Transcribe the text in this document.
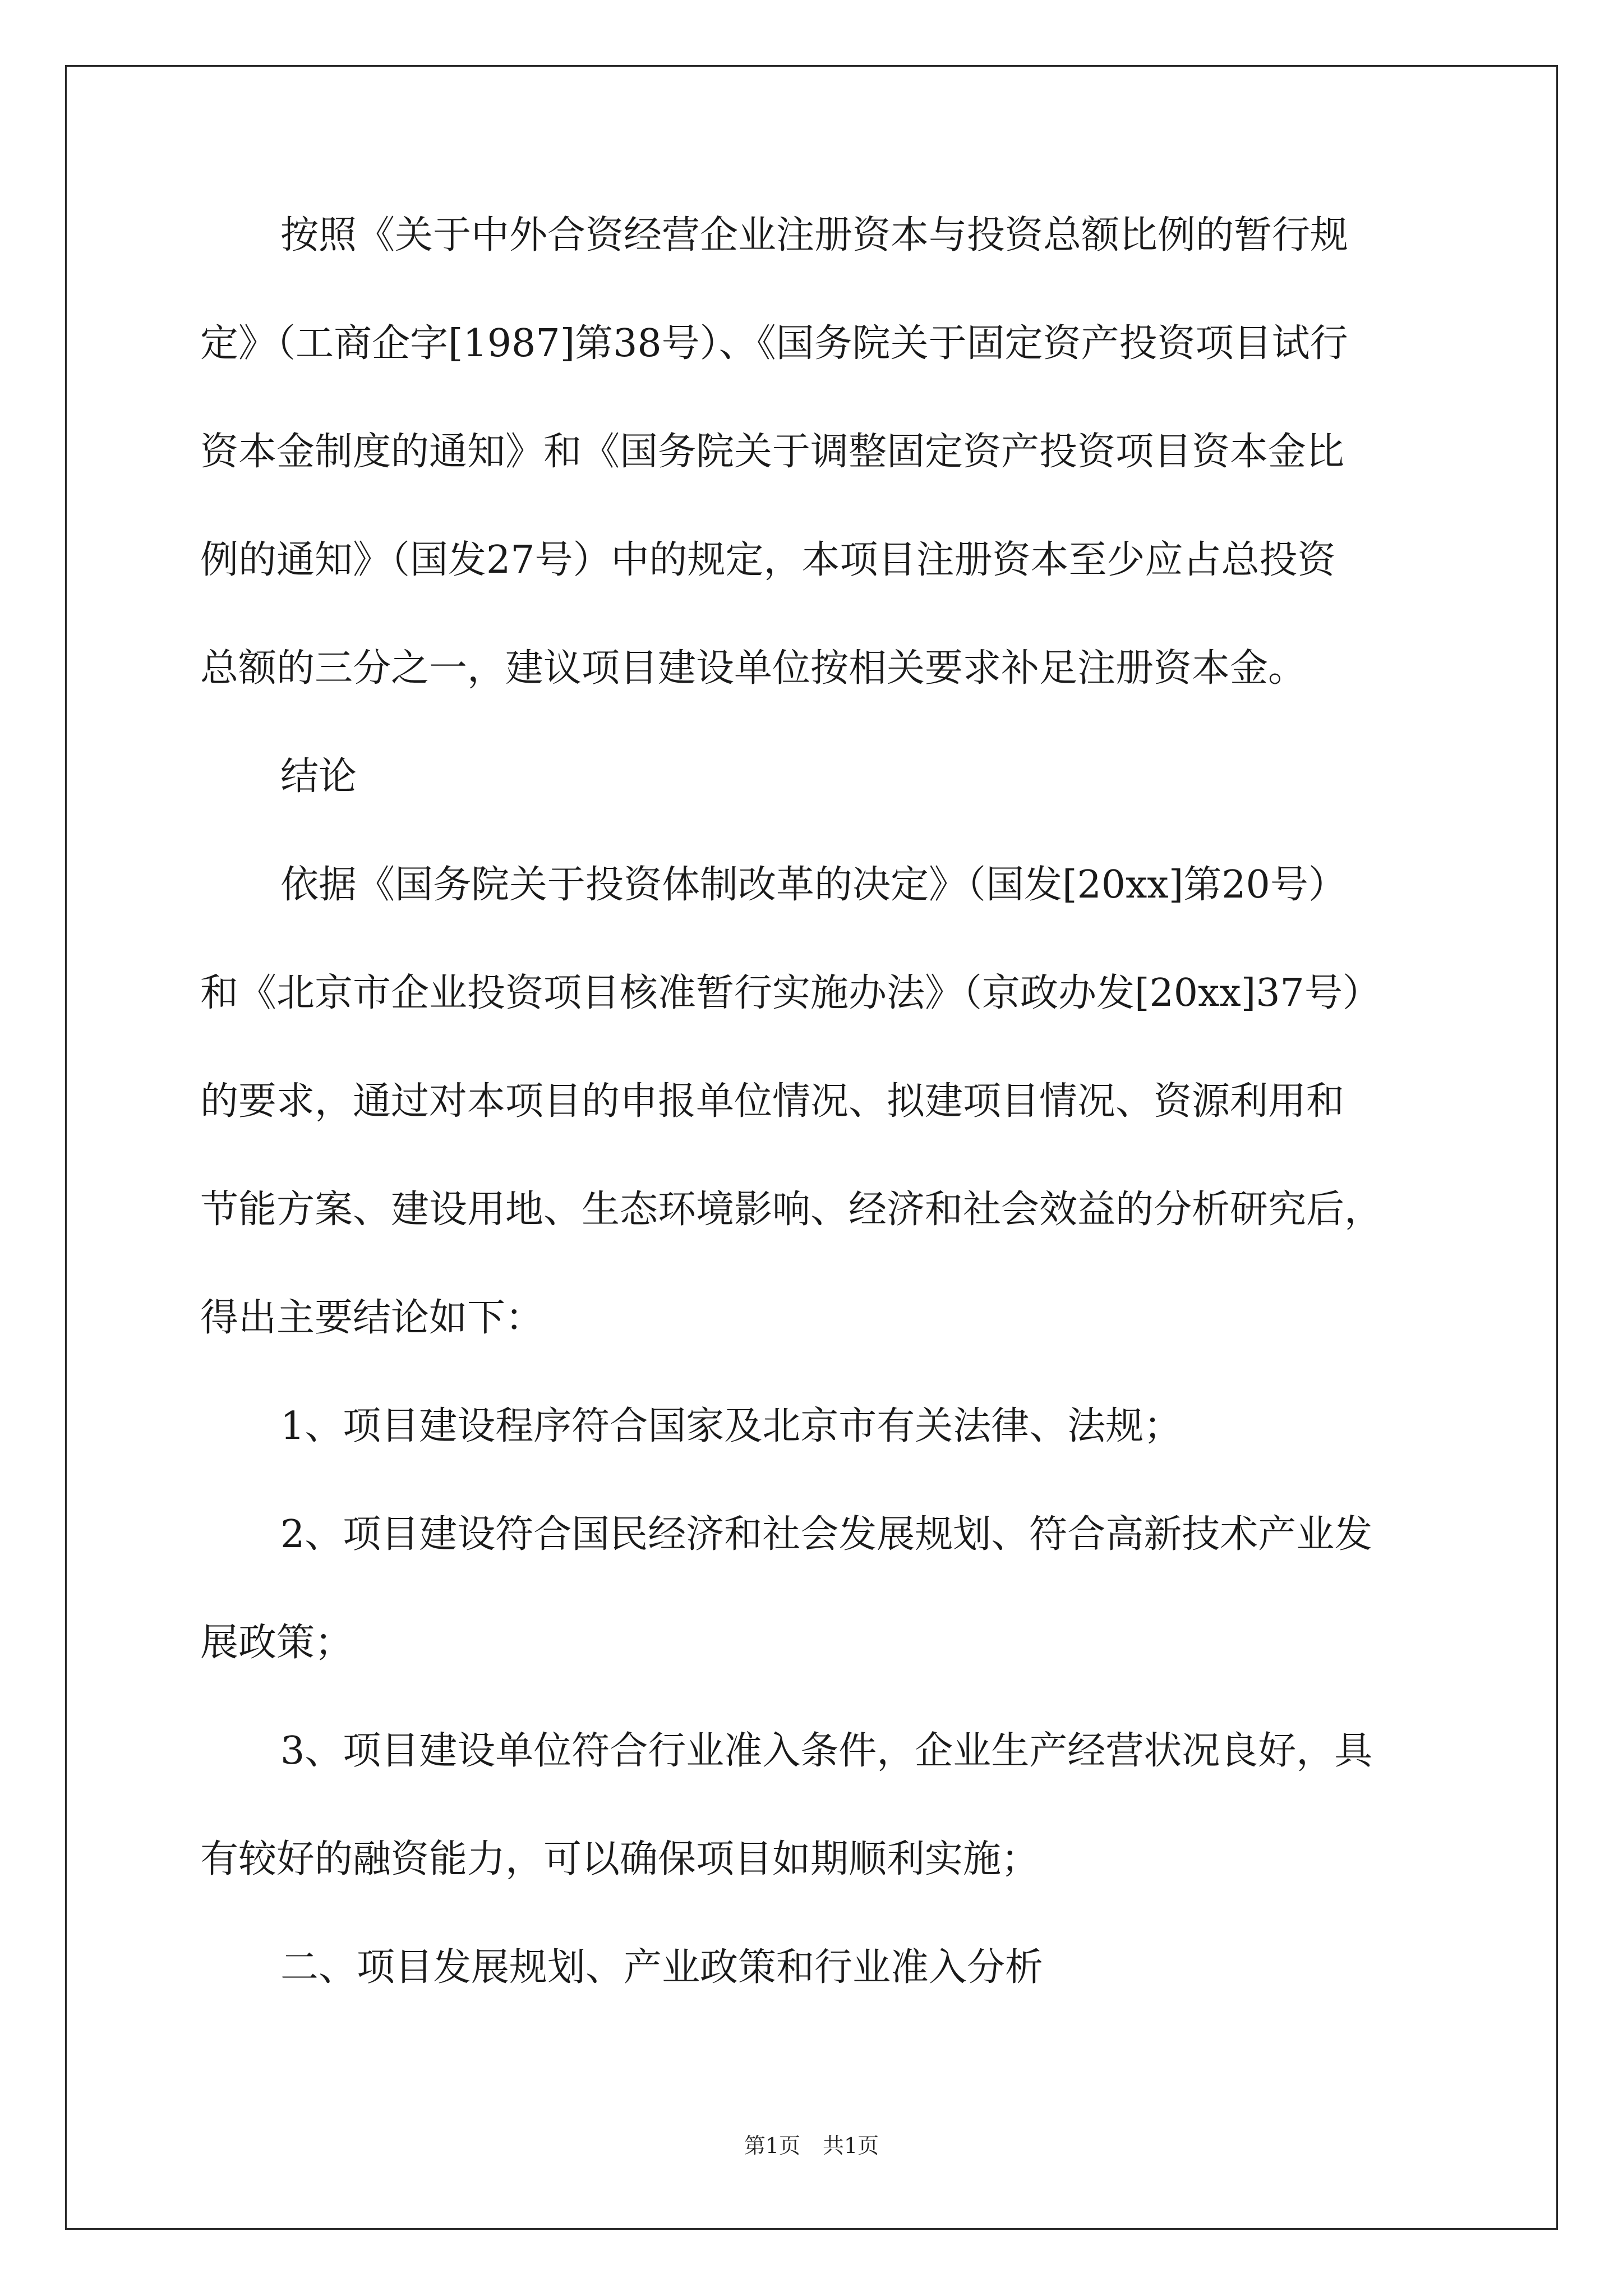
按照《关于中外合资经营企业注册资本与投资总额比例的暂行规
定》（工商企字[1987]第38号）、《国务院关于固定资产投资项目试行
资本金制度的通知》和《国务院关于调整固定资产投资项目资本金比
例的通知》（国发27号）中的规定，本项目注册资本至少应占总投资
总额的三分之一，建议项目建设单位按相关要求补足注册资本金。
结论
依据《国务院关于投资体制改革的决定》（国发[20xx]第20号）
和《北京市企业投资项目核准暂行实施办法》（京政办发[20xx]37号）
的要求，通过对本项目的申报单位情况、拟建项目情况、资源利用和
节能方案、建设用地、生态环境影响、经济和社会效益的分析研究后，
得出主要结论如下：
1、项目建设程序符合国家及北京市有关法律、法规；
2、项目建设符合国民经济和社会发展规划、符合高新技术产业发
展政策；
3、项目建设单位符合行业准入条件，企业生产经营状况良好，具
有较好的融资能力，可以确保项目如期顺利实施；
二、项目发展规划、产业政策和行业准入分析
第1页 共1页
